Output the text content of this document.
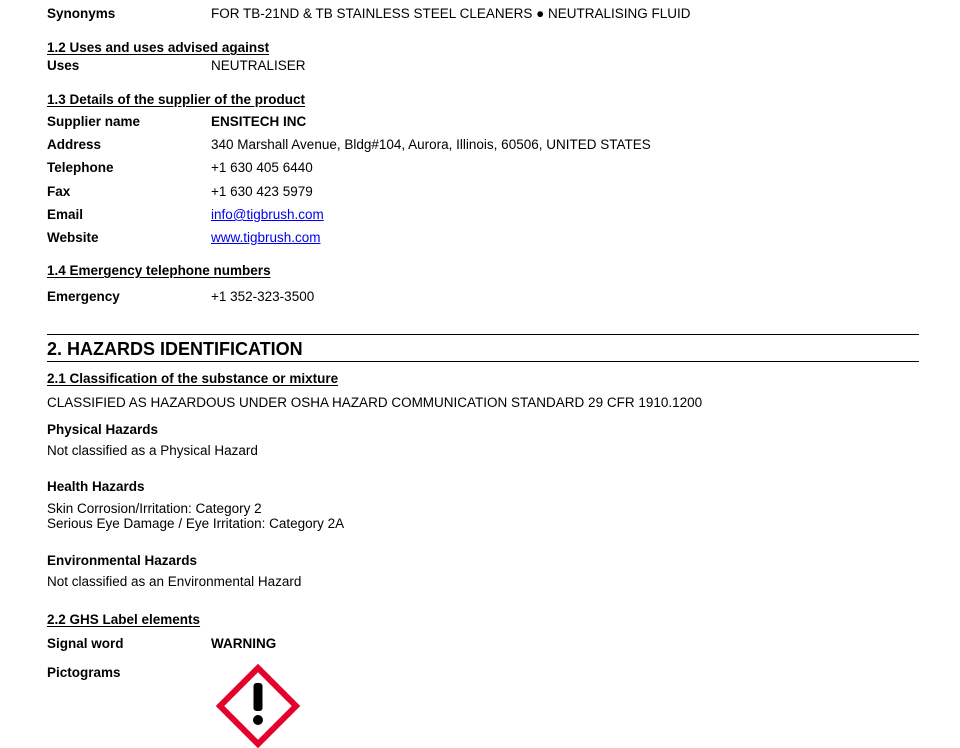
Synonyms	FOR TB-21ND & TB STAINLESS STEEL CLEANERS ● NEUTRALISING FLUID
1.2 Uses and uses advised against
Uses	NEUTRALISER
1.3 Details of the supplier of the product
Supplier name	ENSITECH INC
Address	340 Marshall Avenue, Bldg#104, Aurora, Illinois, 60506, UNITED STATES
Telephone	+1 630 405 6440
Fax	+1 630 423 5979
Email	info@tigbrush.com
Website	www.tigbrush.com
1.4 Emergency telephone numbers
Emergency	+1 352-323-3500
2. HAZARDS IDENTIFICATION
2.1 Classification of the substance or mixture
CLASSIFIED AS HAZARDOUS UNDER OSHA HAZARD COMMUNICATION STANDARD 29 CFR 1910.1200
Physical Hazards
Not classified as a Physical Hazard
Health Hazards
Skin Corrosion/Irritation: Category 2
Serious Eye Damage / Eye Irritation: Category 2A
Environmental Hazards
Not classified as an Environmental Hazard
2.2 GHS Label elements
Signal word	WARNING
Pictograms
